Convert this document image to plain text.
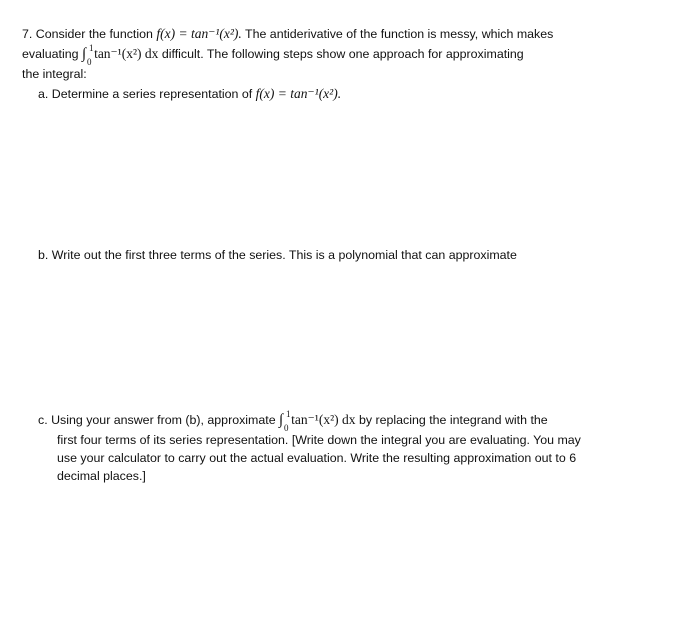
7. Consider the function f(x) = tan⁻¹(x²). The antiderivative of the function is messy, which makes
evaluating ∫ 1
0
tan⁻¹(x²) dx difficult. The following steps show one approach for approximating
the integral:
a. Determine a series representation of f(x) = tan⁻¹(x²).
b. Write out the first three terms of the series. This is a polynomial that can approximate
c. Using your answer from (b), approximate ∫ 1
0
tan⁻¹(x²) dx by replacing the integrand with the
first four terms of its series representation. [Write down the integral you are evaluating. You may
use your calculator to carry out the actual evaluation. Write the resulting approximation out to 6
decimal places.]
